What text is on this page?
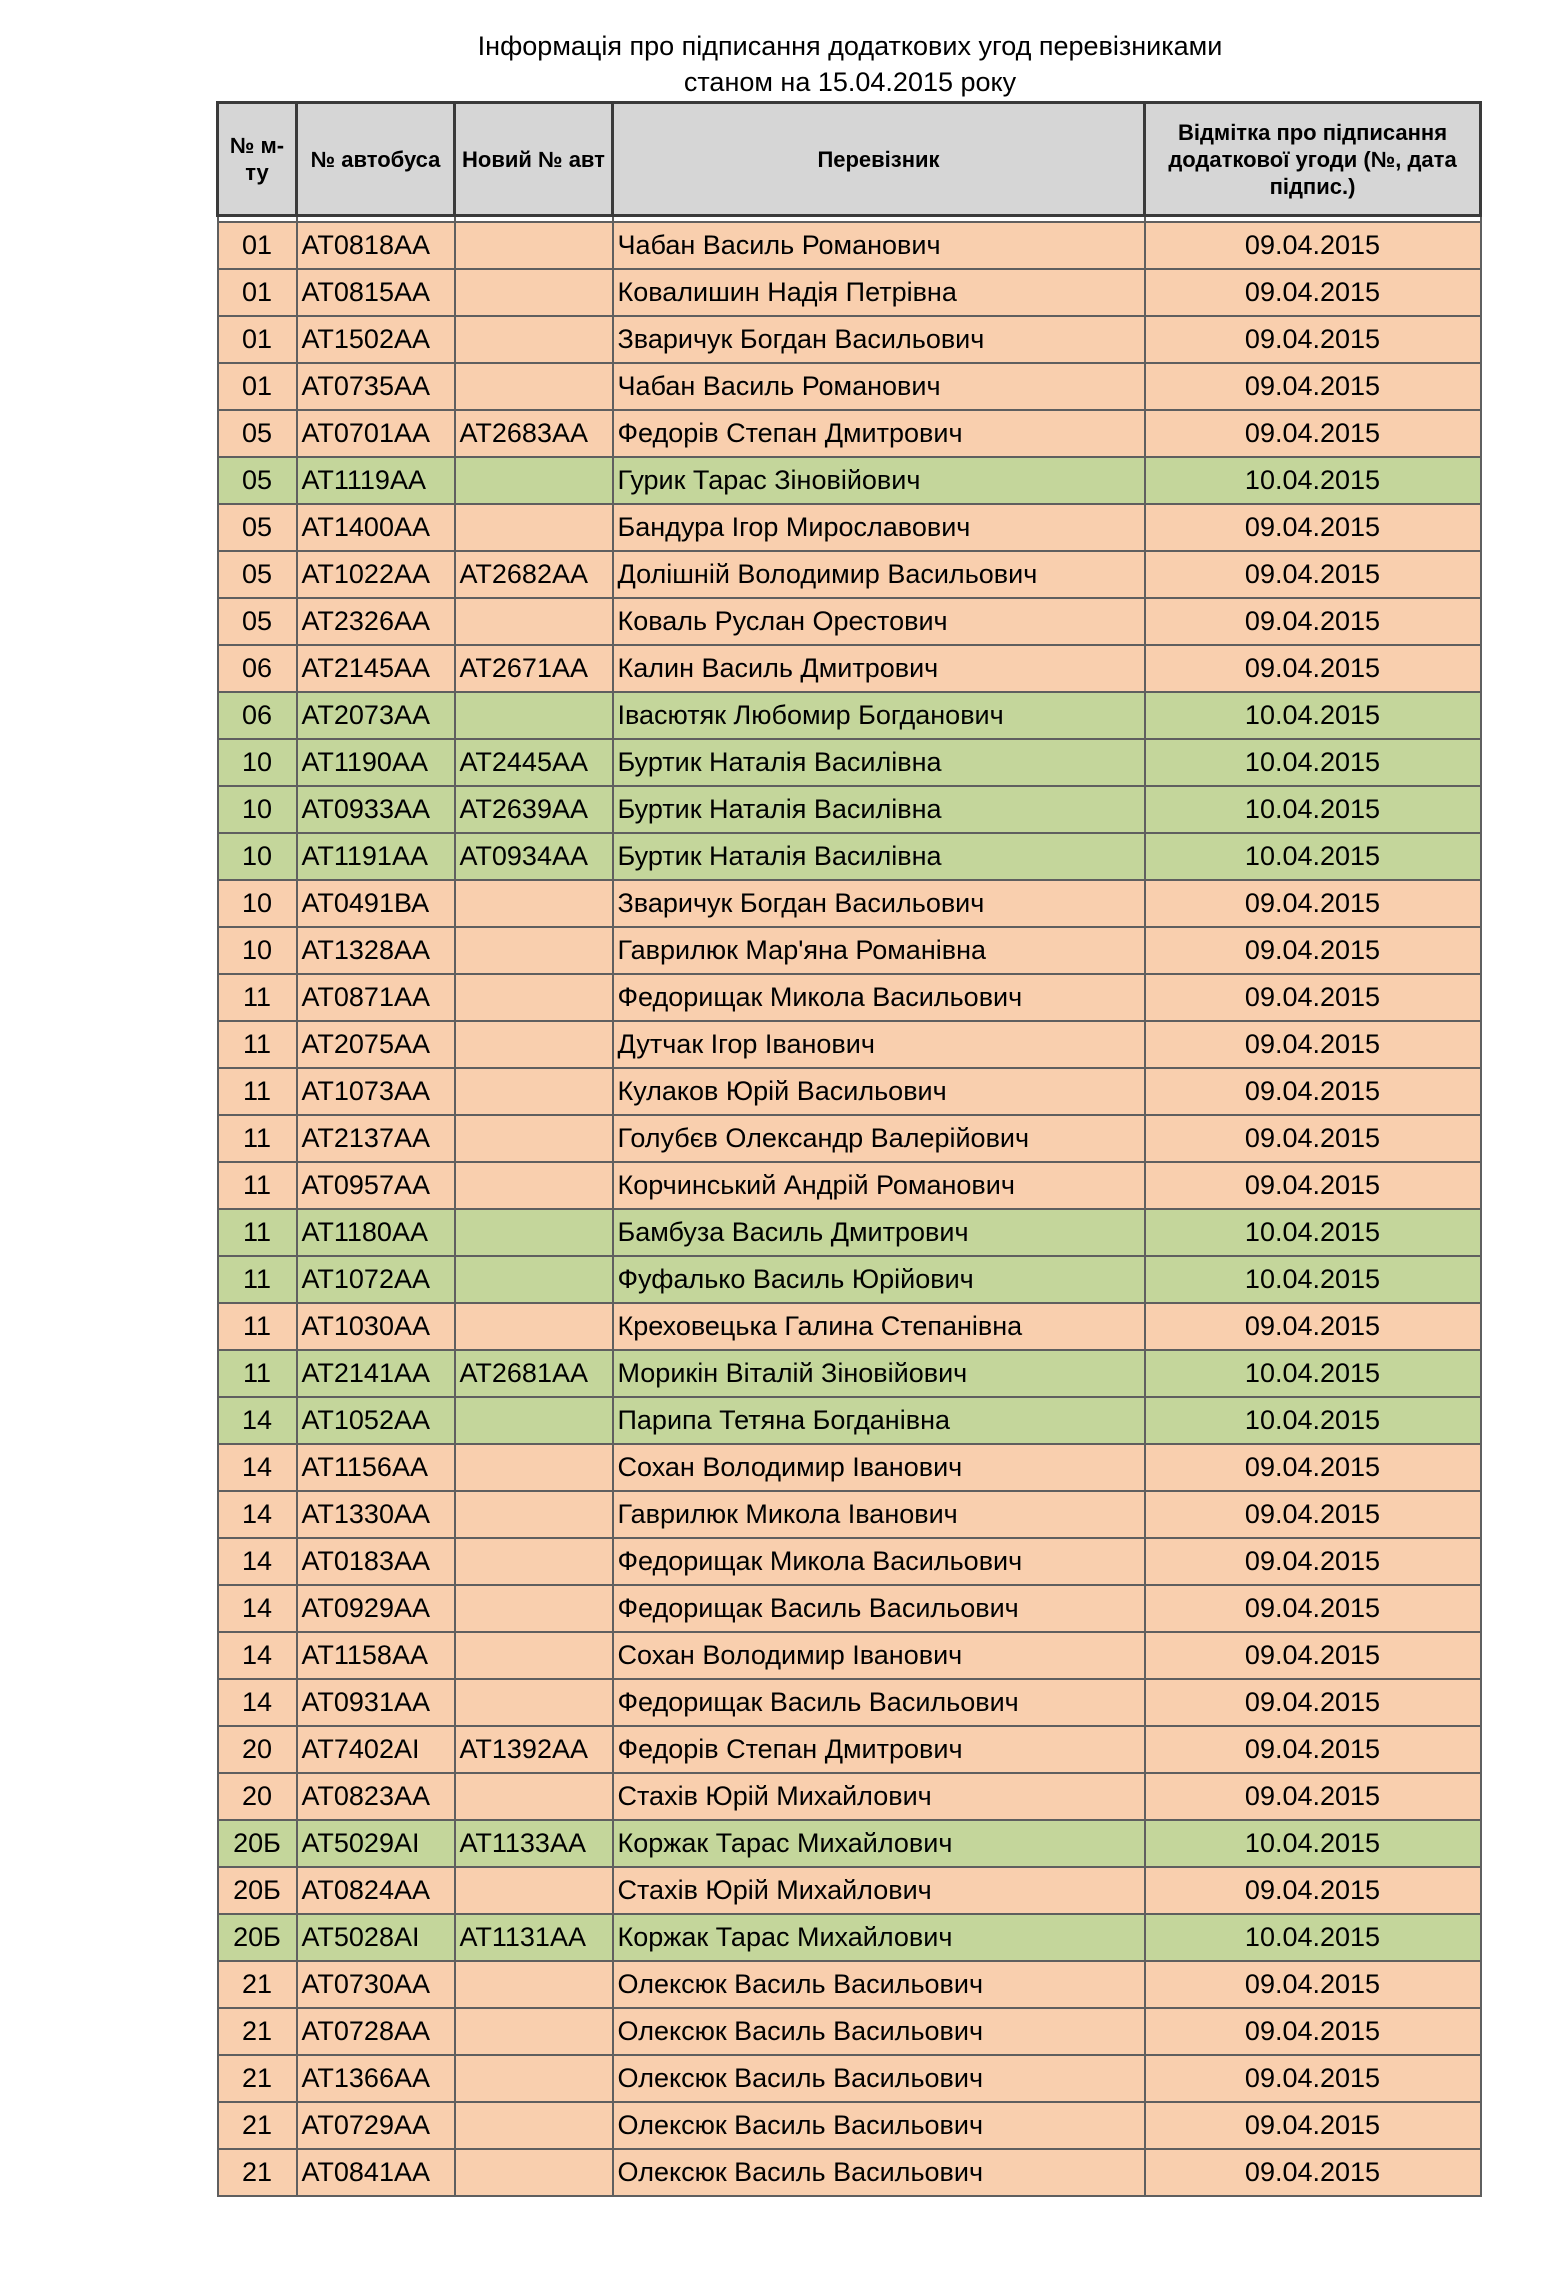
Інформація про підписання додаткових угод перевізниками
станом на 15.04.2015 року
№ м-ту	№ автобуса	Новий № авт	Перевізник	Відмітка про підписання додаткової угоди (№, дата підпис.)

01	АТ0818АА		Чабан Василь Романович	09.04.2015
01	АТ0815АА		Ковалишин Надія Петрівна	09.04.2015
01	АТ1502АА		Зваричук Богдан Васильович	09.04.2015
01	АТ0735АА		Чабан Василь Романович	09.04.2015
05	АТ0701АА	АТ2683АА	Федорів Степан Дмитрович	09.04.2015
05	АТ1119АА		Гурик Тарас Зіновійович	10.04.2015
05	АТ1400АА		Бандура Ігор Мирославович	09.04.2015
05	АТ1022АА	АТ2682АА	Долішній Володимир Васильович	09.04.2015
05	АТ2326АА		Коваль Руслан Орестович	09.04.2015
06	АТ2145АА	АТ2671АА	Калин Василь Дмитрович	09.04.2015
06	АТ2073АА		Івасютяк Любомир Богданович	10.04.2015
10	АТ1190АА	АТ2445АА	Буртик Наталія Василівна	10.04.2015
10	АТ0933АА	АТ2639АА	Буртик Наталія Василівна	10.04.2015
10	АТ1191АА	АТ0934АА	Буртик Наталія Василівна	10.04.2015
10	АТ0491ВА		Зваричук Богдан Васильович	09.04.2015
10	АТ1328АА		Гаврилюк Мар'яна Романівна	09.04.2015
11	АТ0871АА		Федорищак Микола Васильович	09.04.2015
11	АТ2075АА		Дутчак Ігор Іванович	09.04.2015
11	АТ1073АА		Кулаков Юрій Васильович	09.04.2015
11	АТ2137АА		Голубєв Олександр Валерійович	09.04.2015
11	АТ0957АА		Корчинський Андрій Романович	09.04.2015
11	АТ1180АА		Бамбуза Василь Дмитрович	10.04.2015
11	АТ1072АА		Фуфалько Василь Юрійович	10.04.2015
11	АТ1030АА		Креховецька Галина Степанівна	09.04.2015
11	АТ2141АА	АТ2681АА	Морикін Віталій Зіновійович	10.04.2015
14	АТ1052АА		Парипа Тетяна Богданівна	10.04.2015
14	АТ1156АА		Сохан Володимир Іванович	09.04.2015
14	АТ1330АА		Гаврилюк Микола Іванович	09.04.2015
14	АТ0183АА		Федорищак Микола Васильович	09.04.2015
14	АТ0929АА		Федорищак Василь Васильович	09.04.2015
14	АТ1158АА		Сохан Володимир Іванович	09.04.2015
14	АТ0931АА		Федорищак Василь Васильович	09.04.2015
20	АТ7402АІ	АТ1392АА	Федорів Степан Дмитрович	09.04.2015
20	АТ0823АА		Стахів Юрій Михайлович	09.04.2015
20Б	АТ5029АІ	АТ1133АА	Коржак Тарас Михайлович	10.04.2015
20Б	АТ0824АА		Стахів Юрій Михайлович	09.04.2015
20Б	АТ5028АІ	АТ1131АА	Коржак Тарас Михайлович	10.04.2015
21	АТ0730АА		Олексюк Василь Васильович	09.04.2015
21	АТ0728АА		Олексюк Василь Васильович	09.04.2015
21	АТ1366АА		Олексюк Василь Васильович	09.04.2015
21	АТ0729АА		Олексюк Василь Васильович	09.04.2015
21	АТ0841АА		Олексюк Василь Васильович	09.04.2015
